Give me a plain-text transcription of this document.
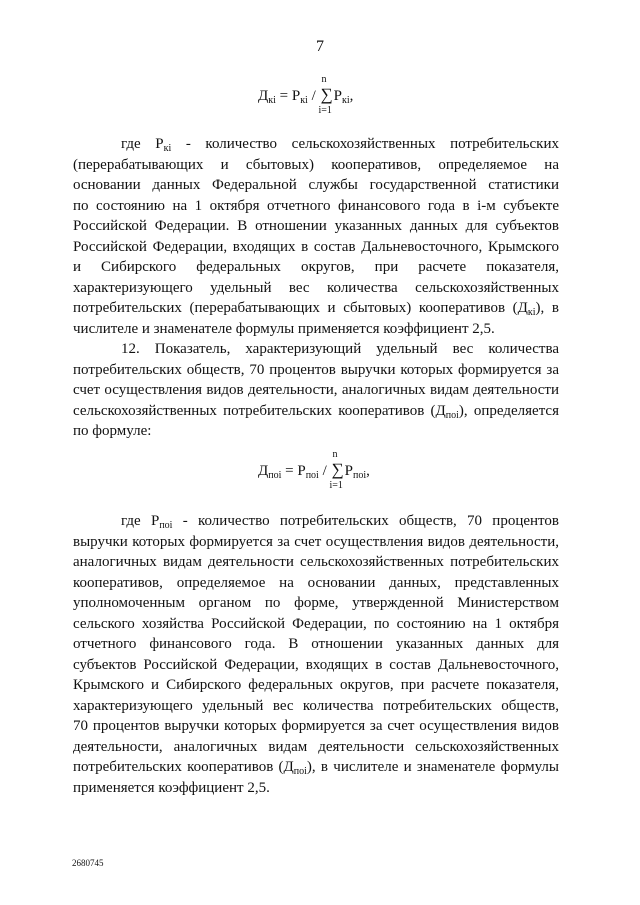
7
$Д_{кi} = P_{кi}$ /
n
∑
i=1
$P_{кi}$,
где $P_{кi}$ - количество сельскохозяйственных потребительских
(перерабатывающих и сбытовых) кооперативов, определяемое на
основании данных Федеральной службы государственной статистики
по состоянию на 1 октября отчетного финансового года в i-м субъекте
Российской Федерации. В отношении указанных данных для субъектов
Российской Федерации, входящих в состав Дальневосточного, Крымского
и Сибирского федеральных округов, при расчете показателя,
характеризующего удельный вес количества сельскохозяйственных
потребительских (перерабатывающих и сбытовых) кооперативов $(Д_{кi})$, в
числителе и знаменателе формулы применяется коэффициент 2,5.
12. Показатель, характеризующий удельный вес количества
потребительских обществ, 70 процентов выручки которых формируется за
счет осуществления видов деятельности, аналогичных видам деятельности
сельскохозяйственных потребительских кооперативов $(Д_{поi})$, определяется
по формуле:
$Д_{поi} = P_{поi}$ /
n
∑
i=1
$P_{поi}$,
где $P_{поi}$ - количество потребительских обществ, 70 процентов
выручки которых формируется за счет осуществления видов деятельности,
аналогичных видам деятельности сельскохозяйственных потребительских
кооперативов, определяемое на основании данных, представленных
уполномоченным органом по форме, утвержденной Министерством
сельского хозяйства Российской Федерации, по состоянию на 1 октября
отчетного финансового года. В отношении указанных данных для
субъектов Российской Федерации, входящих в состав Дальневосточного,
Крымского и Сибирского федеральных округов, при расчете показателя,
характеризующего удельный вес количества потребительских обществ,
70 процентов выручки которых формируется за счет осуществления видов
деятельности, аналогичных видам деятельности сельскохозяйственных
потребительских кооперативов $(Д_{поi})$, в числителе и знаменателе формулы
применяется коэффициент 2,5.
2680745
